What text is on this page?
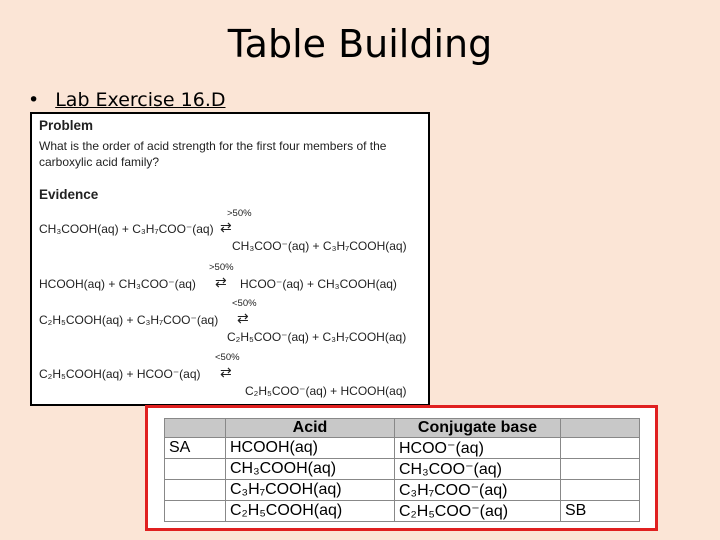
Table Building
• Lab Exercise 16.D
Problem
What is the order of acid strength for the first four members of the carboxylic acid family?
Evidence
>50%
CH₃COOH(aq) + C₃H₇COO⁻(aq) ⇄
CH₃COO⁻(aq) + C₃H₇COOH(aq)
>50%
HCOOH(aq) + CH₃COO⁻(aq) ⇄ HCOO⁻(aq) + CH₃COOH(aq)
<50%
C₂H₅COOH(aq) + C₃H₇COO⁻(aq) ⇄
C₂H₅COO⁻(aq) + C₃H₇COOH(aq)
<50%
C₂H₅COOH(aq) + HCOO⁻(aq) ⇄
C₂H₅COO⁻(aq) + HCOOH(aq)
	Acid	Conjugate base	
SA	HCOOH(aq)	HCOO⁻(aq)	
	CH₃COOH(aq)	CH₃COO⁻(aq)	
	C₃H₇COOH(aq)	C₃H₇COO⁻(aq)	
	C₂H₅COOH(aq)	C₂H₅COO⁻(aq)	SB
